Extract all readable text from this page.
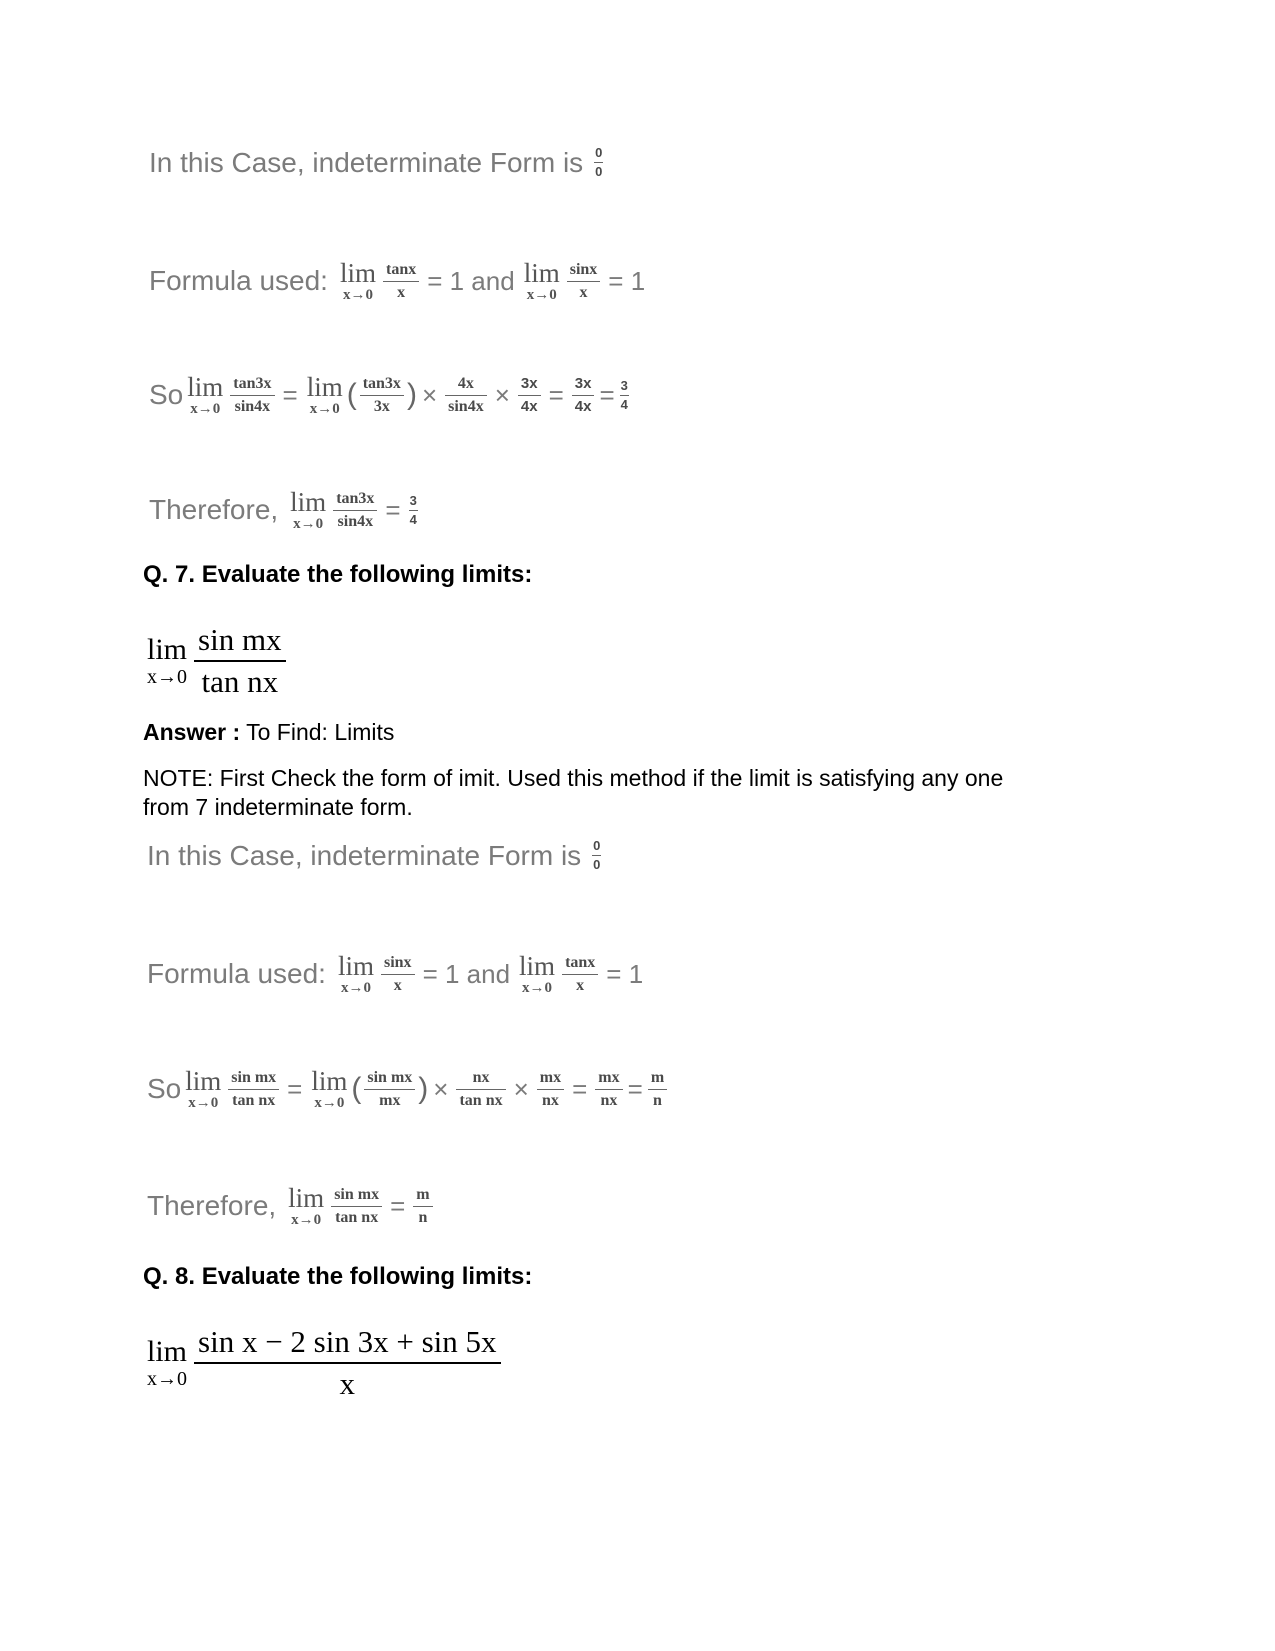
In this Case, indeterminate Form is 0
0
Formula used: lim
x→0
tanx
x = 1 and lim
x→0
sinx
x = 1
So lim
x→0
tan3x
sin4x = lim
x→0 ( tan3x
3x ) × 4x
sin4x × 3x
4x = 3x
4x = 3
4
Therefore, lim
x→0
tan3x
sin4x = 3
4
Q. 7. Evaluate the following limits:
lim
x→0
sin mx
tan nx
Answer : To Find: Limits
NOTE: First Check the form of imit. Used this method if the limit is satisfying any one from 7 indeterminate form.
In this Case, indeterminate Form is 0
0
Formula used: lim
x→0
sinx
x = 1 and lim
x→0
tanx
x = 1
So lim
x→0
sin mx
tan nx = lim
x→0 ( sin mx
mx ) × nx
tan nx × mx
nx = mx
nx = m
n
Therefore, lim
x→0
sin mx
tan nx = m
n
Q. 8. Evaluate the following limits:
lim
x→0
sin x − 2 sin 3x + sin 5x
x
